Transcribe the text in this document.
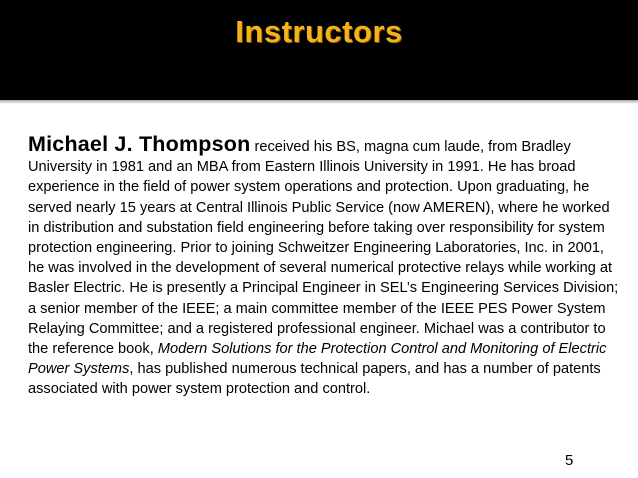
Instructors

Michael J. Thompson received his BS, magna cum laude, from Bradley University in 1981 and an MBA from Eastern Illinois University in 1991. He has broad experience in the field of power system operations and protection. Upon graduating, he served nearly 15 years at Central Illinois Public Service (now AMEREN), where he worked in distribution and substation field engineering before taking over responsibility for system protection engineering. Prior to joining Schweitzer Engineering Laboratories, Inc. in 2001, he was involved in the development of several numerical protective relays while working at Basler Electric. He is presently a Principal Engineer in SEL’s Engineering Services Division; a senior member of the IEEE; a main committee member of the IEEE PES Power System Relaying Committee; and a registered professional engineer. Michael was a contributor to the reference book, Modern Solutions for the Protection Control and Monitoring of Electric Power Systems, has published numerous technical papers, and has a number of patents associated with power system protection and control.

5
